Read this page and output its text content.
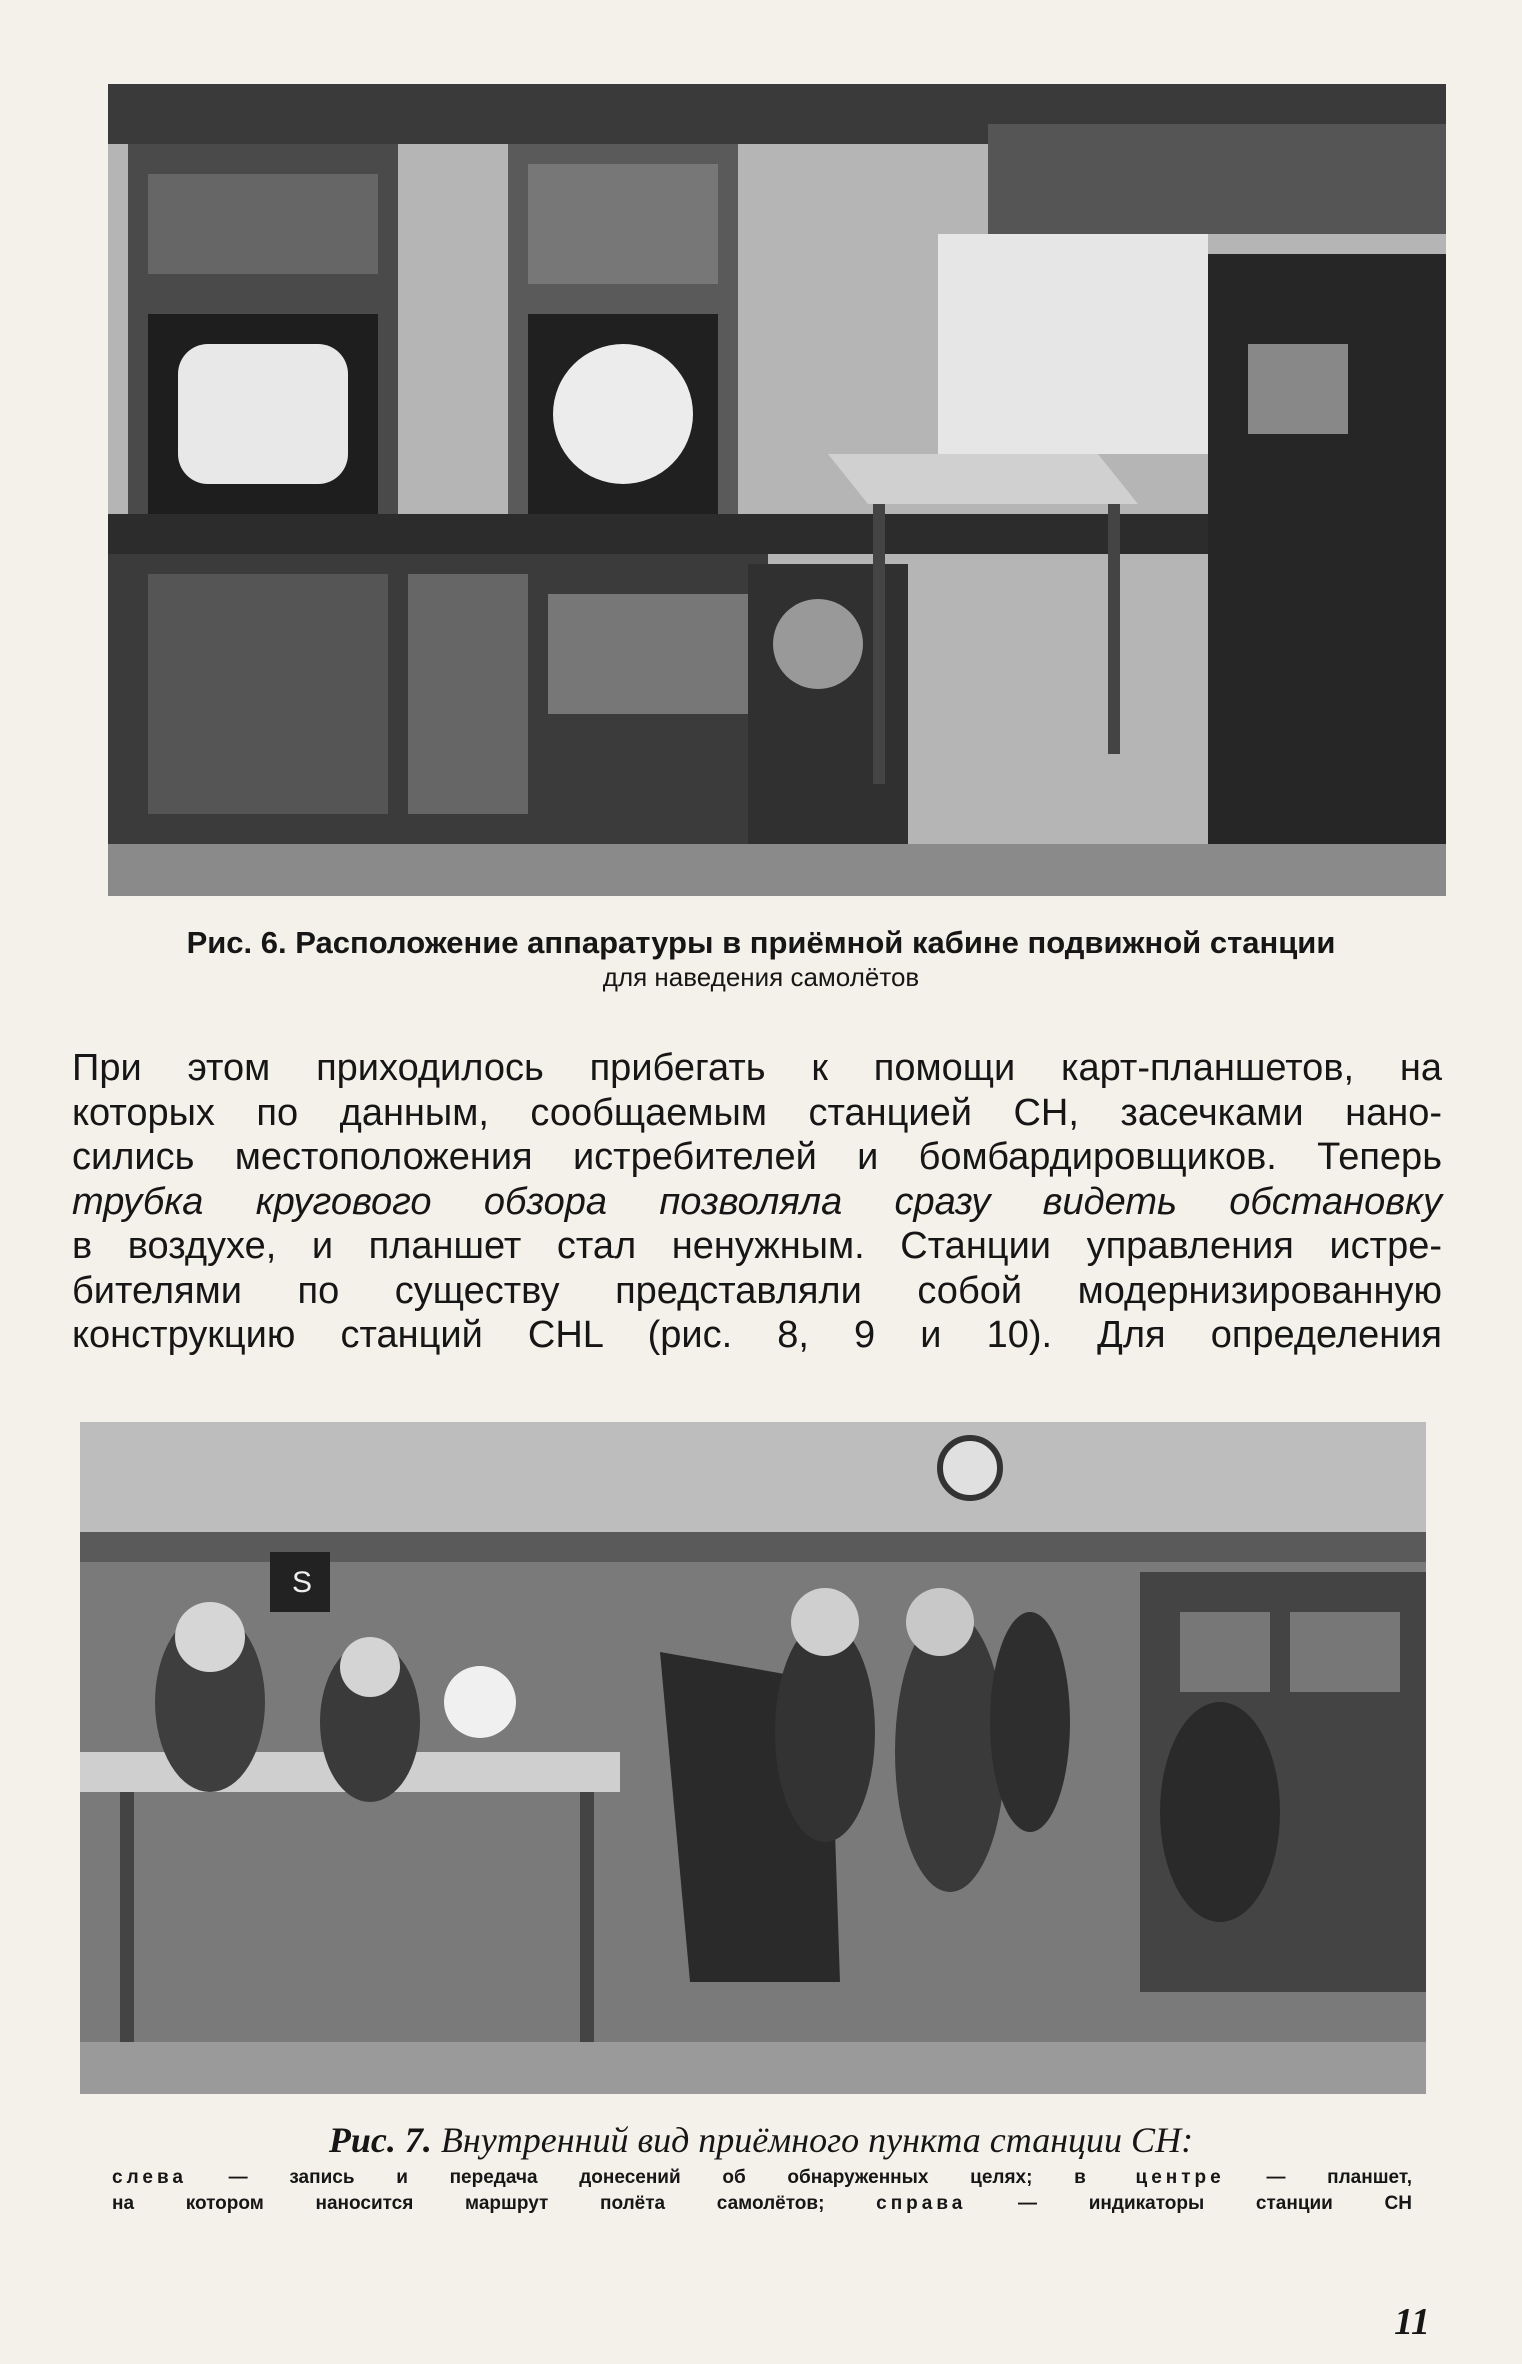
Рис. 6. Расположение аппаратуры в приёмной кабине подвижной станции
для наведения самолётов
При этом приходилось прибегать к помощи карт-планшетов, на
которых по данным, сообщаемым станцией СН, засечками нано-
сились местоположения истребителей и бомбардировщиков. Теперь
трубка кругового обзора позволяла сразу видеть обстановку
в воздухе, и планшет стал ненужным. Станции управления истре-
бителями по существу представляли собой модернизированную
конструкцию станций CHL (рис. 8, 9 и 10). Для определения
S
Рис. 7. Внутренний вид приёмного пункта станции СН:
слева — запись и передача донесений об обнаруженных целях; в центре — планшет,
на котором наносится маршрут полёта самолётов;	справа	— индикаторы станции СН
11
